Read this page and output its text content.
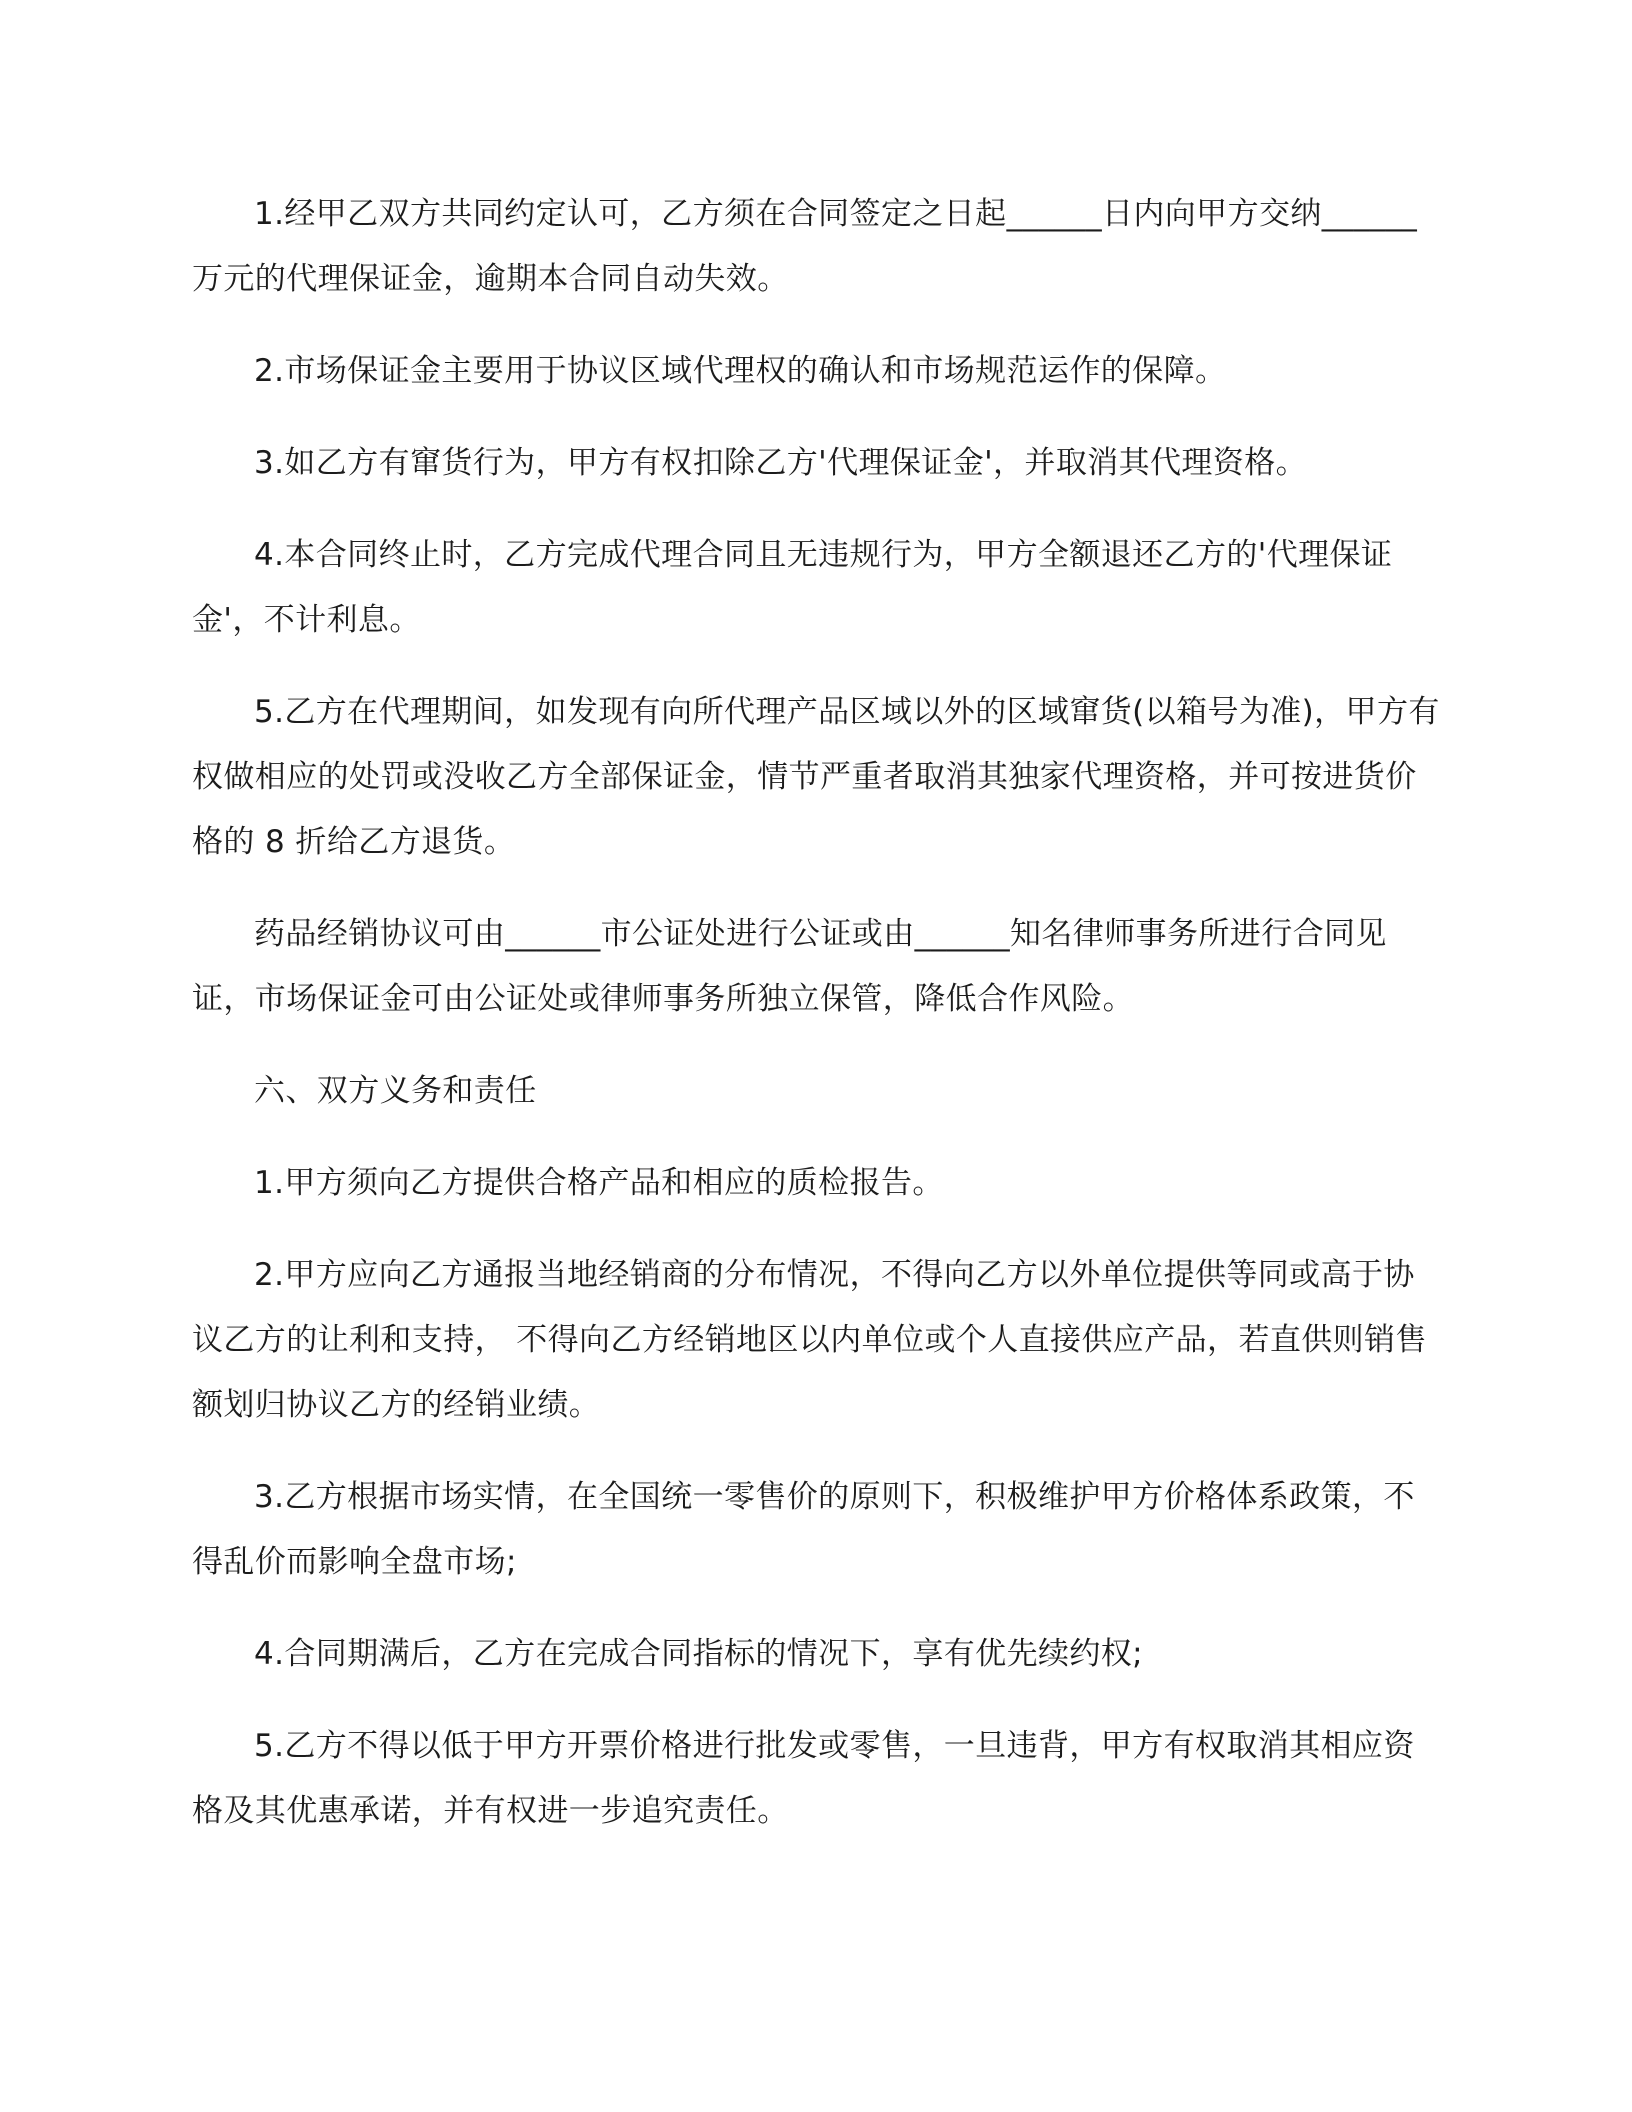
1.经甲乙双方共同约定认可，乙方须在合同签定之日起______日内向甲方交纳______万元的代理保证金，逾期本合同自动失效。

2.市场保证金主要用于协议区域代理权的确认和市场规范运作的保障。

3.如乙方有窜货行为，甲方有权扣除乙方'代理保证金'，并取消其代理资格。

4.本合同终止时，乙方完成代理合同且无违规行为，甲方全额退还乙方的'代理保证金'，不计利息。

5.乙方在代理期间，如发现有向所代理产品区域以外的区域窜货(以箱号为准)，甲方有权做相应的处罚或没收乙方全部保证金，情节严重者取消其独家代理资格，并可按进货价格的 8 折给乙方退货。

药品经销协议可由______市公证处进行公证或由______知名律师事务所进行合同见证，市场保证金可由公证处或律师事务所独立保管，降低合作风险。

六、双方义务和责任

1.甲方须向乙方提供合格产品和相应的质检报告。

2.甲方应向乙方通报当地经销商的分布情况，不得向乙方以外单位提供等同或高于协议乙方的让利和支持， 不得向乙方经销地区以内单位或个人直接供应产品，若直供则销售额划归协议乙方的经销业绩。

3.乙方根据市场实情，在全国统一零售价的原则下，积极维护甲方价格体系政策，不得乱价而影响全盘市场;

4.合同期满后，乙方在完成合同指标的情况下，享有优先续约权;

5.乙方不得以低于甲方开票价格进行批发或零售，一旦违背，甲方有权取消其相应资格及其优惠承诺，并有权进一步追究责任。
